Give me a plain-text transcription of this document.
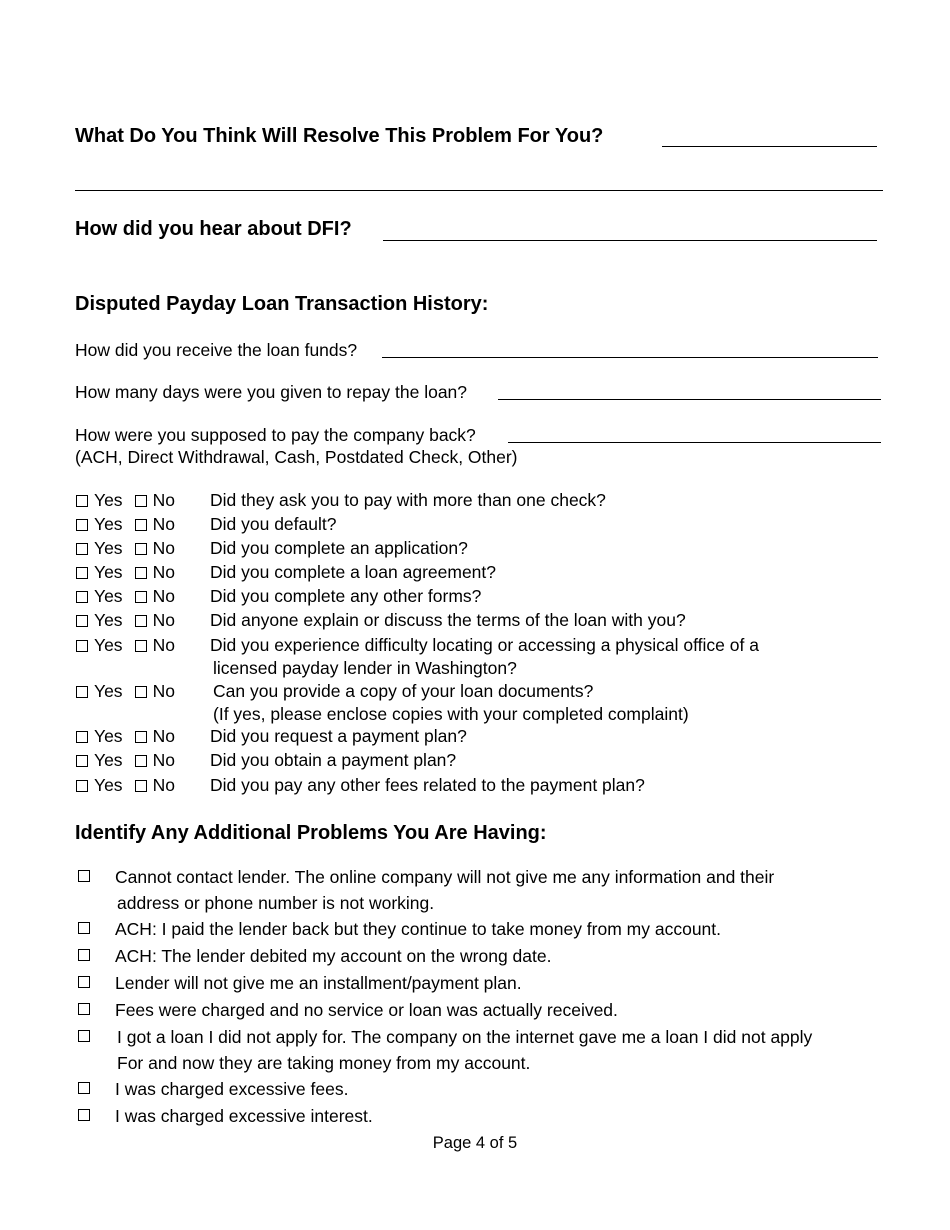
What Do You Think Will Resolve This Problem For You?
How did you hear about DFI?
Disputed Payday Loan Transaction History:
How did you receive the loan funds?
How many days were you given to repay the loan?
How were you supposed to pay the company back?
(ACH, Direct Withdrawal, Cash, Postdated Check, Other)
Yes No Did they ask you to pay with more than one check?
Yes No Did you default?
Yes No Did you complete an application?
Yes No Did you complete a loan agreement?
Yes No Did you complete any other forms?
Yes No Did anyone explain or discuss the terms of the loan with you?
Yes No Did you experience difficulty locating or accessing a physical office of a
licensed payday lender in Washington?
Yes No Can you provide a copy of your loan documents?
(If yes, please enclose copies with your completed complaint)
Yes No Did you request a payment plan?
Yes No Did you obtain a payment plan?
Yes No Did you pay any other fees related to the payment plan?
Identify Any Additional Problems You Are Having:
Cannot contact lender. The online company will not give me any information and their
address or phone number is not working.
ACH: I paid the lender back but they continue to take money from my account.
ACH: The lender debited my account on the wrong date.
Lender will not give me an installment/payment plan.
Fees were charged and no service or loan was actually received.
I got a loan I did not apply for. The company on the internet gave me a loan I did not apply
For and now they are taking money from my account.
I was charged excessive fees.
I was charged excessive interest.
Page 4 of 5
